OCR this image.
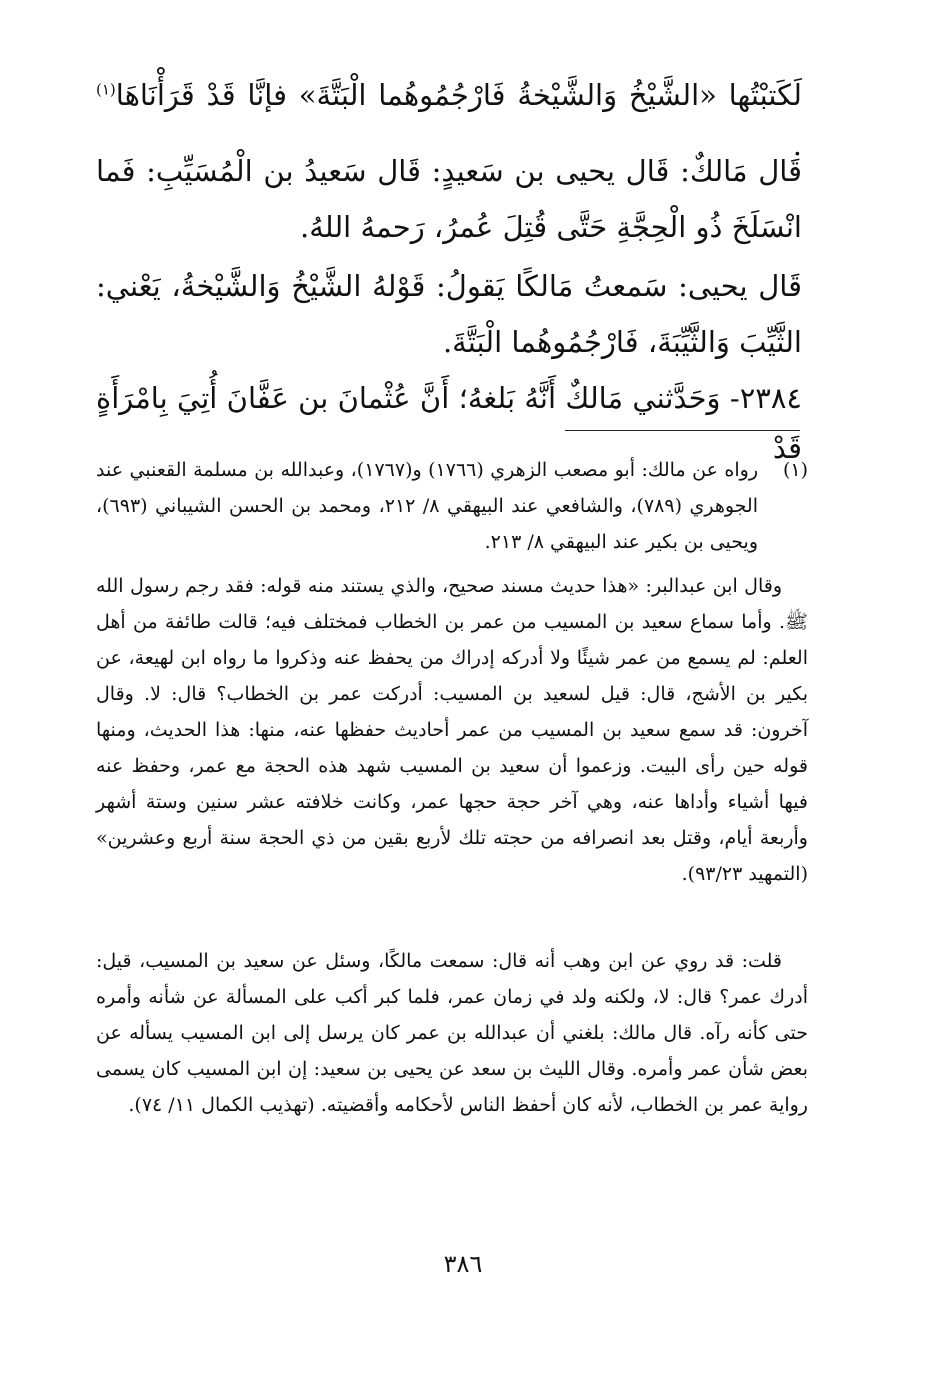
لَكَتبْتُها «الشَّيْخُ وَالشَّيْخةُ فَارْجُمُوهُما الْبَتَّةَ» فإنَّا قَدْ قَرَأْنَاهَا$^{(١)}$ .

قَال مَالكٌ: قَال يحيى بن سَعيدٍ: قَال سَعيدُ بن الْمُسَيِّبِ: فَما انْسَلَخَ ذُو الْحِجَّةِ حَتَّى قُتِلَ عُمرُ، رَحمهُ اللهُ.

قَال يحيى: سَمعتُ مَالكًا يَقولُ: قَوْلهُ الشَّيْخُ وَالشَّيْخةُ، يَعْني: الثَّيِّبَ وَالثَّيِّبَةَ، فَارْجُمُوهُما الْبَتَّةَ.

٢٣٨٤- وَحَدَّثني مَالكٌ أَنَّهُ بَلغهُ؛ أَنَّ عُثْمانَ بن عَفَّانَ أُتِيَ بِامْرَأَةٍ قَدْ

(١)
رواه عن مالك: أبو مصعب الزهري (١٧٦٦) و(١٧٦٧)، وعبدالله بن مسلمة القعنبي عند الجوهري (٧٨٩)، والشافعي عند البيهقي ٨/ ٢١٢، ومحمد بن الحسن الشيباني (٦٩٣)، ويحيى بن بكير عند البيهقي ٨/ ٢١٣.

وقال ابن عبدالبر: «هذا حديث مسند صحيح، والذي يستند منه قوله: فقد رجم رسول الله ﷺ. وأما سماع سعيد بن المسيب من عمر بن الخطاب فمختلف فيه؛ قالت طائفة من أهل العلم: لم يسمع من عمر شيئًا ولا أدركه إدراك من يحفظ عنه وذكروا ما رواه ابن لهيعة، عن بكير بن الأشج، قال: قيل لسعيد بن المسيب: أدركت عمر بن الخطاب؟ قال: لا. وقال آخرون: قد سمع سعيد بن المسيب من عمر أحاديث حفظها عنه، منها: هذا الحديث، ومنها قوله حين رأى البيت. وزعموا أن سعيد بن المسيب شهد هذه الحجة مع عمر، وحفظ عنه فيها أشياء وأداها عنه، وهي آخر حجة حجها عمر، وكانت خلافته عشر سنين وستة أشهر وأربعة أيام، وقتل بعد انصرافه من حجته تلك لأربع بقين من ذي الحجة سنة أربع وعشرين» (التمهيد ٩٣/٢٣).

قلت: قد روي عن ابن وهب أنه قال: سمعت مالكًا، وسئل عن سعيد بن المسيب، قيل: أدرك عمر؟ قال: لا، ولكنه ولد في زمان عمر، فلما كبر أكب على المسألة عن شأنه وأمره حتى كأنه رآه. قال مالك: بلغني أن عبدالله بن عمر كان يرسل إلى ابن المسيب يسأله عن بعض شأن عمر وأمره. وقال الليث بن سعد عن يحيى بن سعيد: إن ابن المسيب كان يسمى رواية عمر بن الخطاب، لأنه كان أحفظ الناس لأحكامه وأقضيته. (تهذيب الكمال ١١/ ٧٤).

٣٨٦
